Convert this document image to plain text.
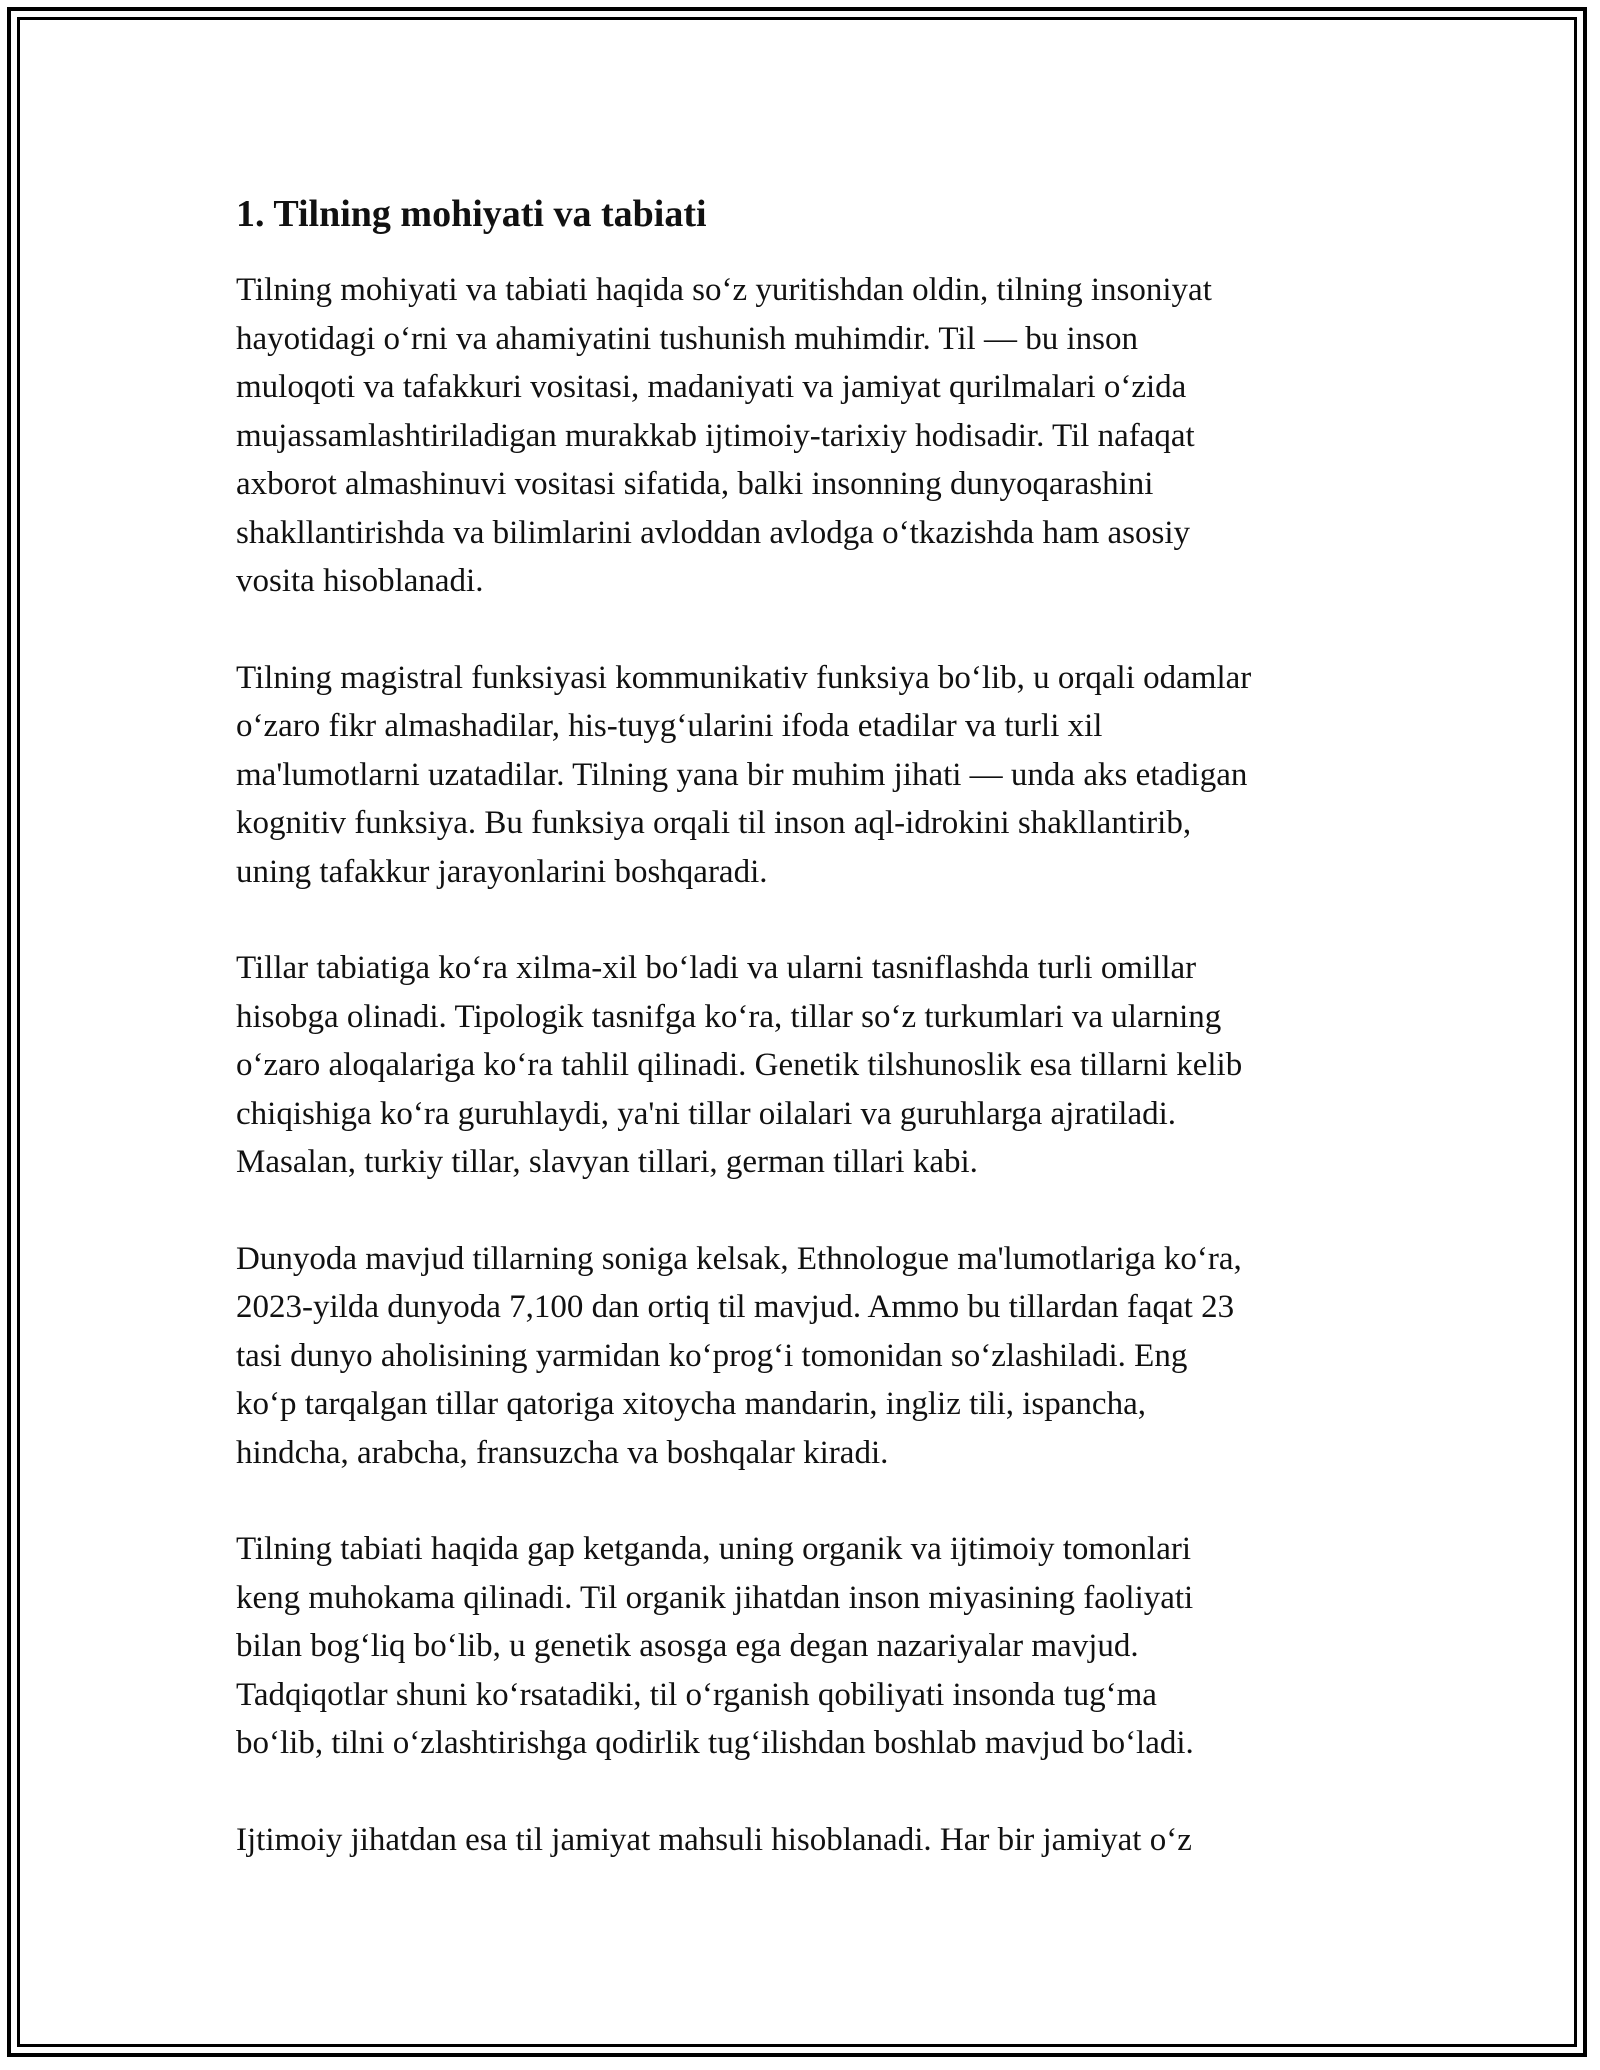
1. Tilning mohiyati va tabiati

Tilning mohiyati va tabiati haqida so‘z yuritishdan oldin, tilning insoniyat
hayotidagi o‘rni va ahamiyatini tushunish muhimdir. Til — bu inson
muloqoti va tafakkuri vositasi, madaniyati va jamiyat qurilmalari o‘zida
mujassamlashtiriladigan murakkab ijtimoiy-tarixiy hodisadir. Til nafaqat
axborot almashinuvi vositasi sifatida, balki insonning dunyoqarashini
shakllantirishda va bilimlarini avloddan avlodga o‘tkazishda ham asosiy
vosita hisoblanadi.

Tilning magistral funksiyasi kommunikativ funksiya bo‘lib, u orqali odamlar
o‘zaro fikr almashadilar, his-tuyg‘ularini ifoda etadilar va turli xil
ma'lumotlarni uzatadilar. Tilning yana bir muhim jihati — unda aks etadigan
kognitiv funksiya. Bu funksiya orqali til inson aql-idrokini shakllantirib,
uning tafakkur jarayonlarini boshqaradi.

Tillar tabiatiga ko‘ra xilma-xil bo‘ladi va ularni tasniflashda turli omillar
hisobga olinadi. Tipologik tasnifga ko‘ra, tillar so‘z turkumlari va ularning
o‘zaro aloqalariga ko‘ra tahlil qilinadi. Genetik tilshunoslik esa tillarni kelib
chiqishiga ko‘ra guruhlaydi, ya'ni tillar oilalari va guruhlarga ajratiladi.
Masalan, turkiy tillar, slavyan tillari, german tillari kabi.

Dunyoda mavjud tillarning soniga kelsak, Ethnologue ma'lumotlariga ko‘ra,
2023-yilda dunyoda 7,100 dan ortiq til mavjud. Ammo bu tillardan faqat 23
tasi dunyo aholisining yarmidan ko‘prog‘i tomonidan so‘zlashiladi. Eng
ko‘p tarqalgan tillar qatoriga xitoycha mandarin, ingliz tili, ispancha,
hindcha, arabcha, fransuzcha va boshqalar kiradi.

Tilning tabiati haqida gap ketganda, uning organik va ijtimoiy tomonlari
keng muhokama qilinadi. Til organik jihatdan inson miyasining faoliyati
bilan bog‘liq bo‘lib, u genetik asosga ega degan nazariyalar mavjud.
Tadqiqotlar shuni ko‘rsatadiki, til o‘rganish qobiliyati insonda tug‘ma
bo‘lib, tilni o‘zlashtirishga qodirlik tug‘ilishdan boshlab mavjud bo‘ladi.

Ijtimoiy jihatdan esa til jamiyat mahsuli hisoblanadi. Har bir jamiyat o‘z
